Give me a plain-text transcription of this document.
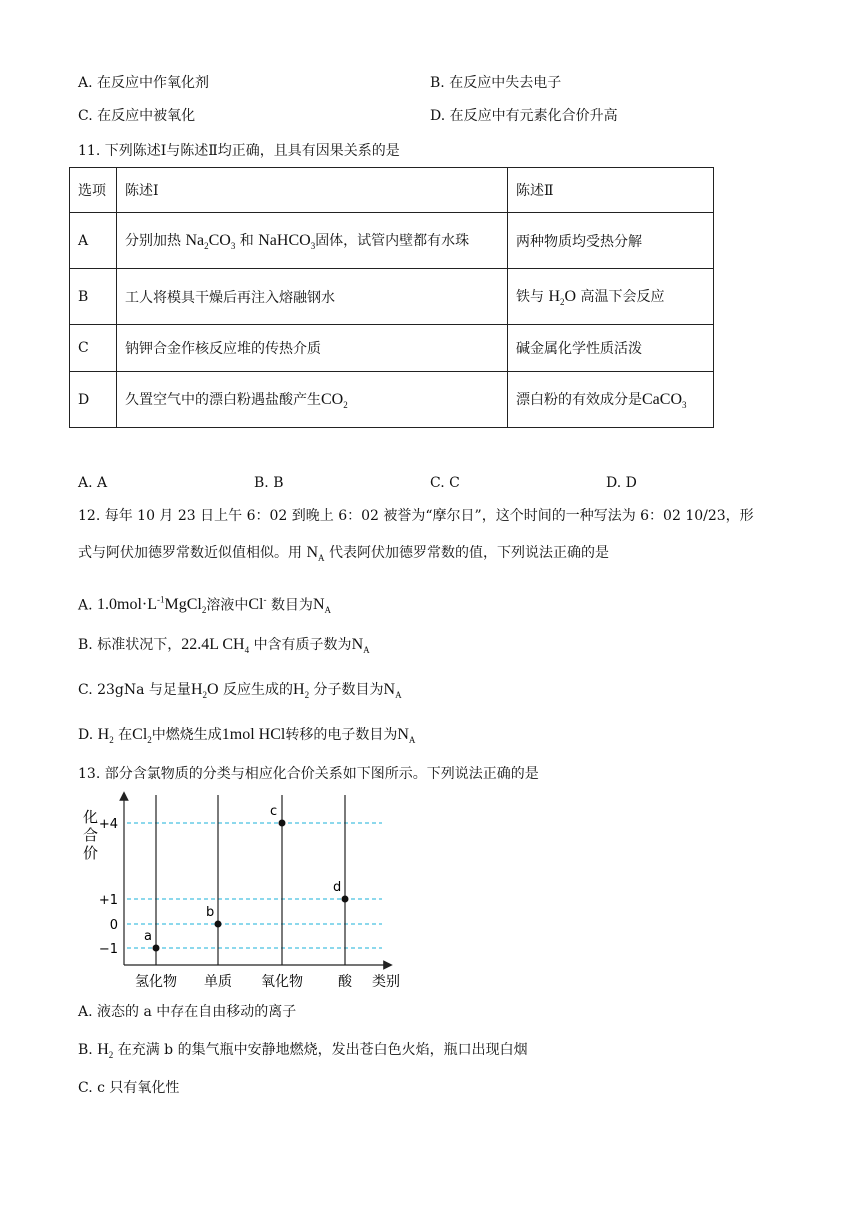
A. 在反应中作氧化剂	B. 在反应中失去电子
C. 在反应中被氧化	D. 在反应中有元素化合价升高
11. 下列陈述Ⅰ与陈述Ⅱ均正确，且具有因果关系的是
选项	陈述Ⅰ	陈述Ⅱ
A	分别加热 $Na_2CO_3$ 和 NaHCO$_3$固体，试管内壁都有水珠	两种物质均受热分解
B	工人将模具干燥后再注入熔融钢水	铁与 $H_2O$ 高温下会反应
C	钠钾合金作核反应堆的传热介质	碱金属化学性质活泼
D	久置空气中的漂白粉遇盐酸产生$CO_2$	漂白粉的有效成分是CaCO$_3$
A. A	B. B	C. C	D. D
12. 每年 10 月 23 日上午 6：02 到晚上 6：02 被誉为“摩尔日”，这个时间的一种写法为 6：02 10/23，形
式与阿伏加德罗常数近似值相似。用 $N_A$ 代表阿伏加德罗常数的值，下列说法正确的是
A. $1.0mol\cdot L^{-1}MgCl_2$溶液中Cl- 数目为$N_A$
B. 标准状况下，22.4L $CH_4$ 中含有质子数为$N_A$
C. 23gNa 与足量$H_2O$ 反应生成的$H_2$ 分子数目为$N_A$
D. $H_2$ 在$Cl_2$中燃烧生成1mol HCl转移的电子数目为$N_A$
13. 部分含氯物质的分类与相应化合价关系如下图所示。下列说法正确的是
化
合
价
+4
+1
0
−1
氢化物 单质 氧化物	酸 类别
a
b
c
d
A. 液态的 a 中存在自由移动的离子
B. $H_2$ 在充满 b 的集气瓶中安静地燃烧，发出苍白色火焰，瓶口出现白烟
C. c 只有氧化性
